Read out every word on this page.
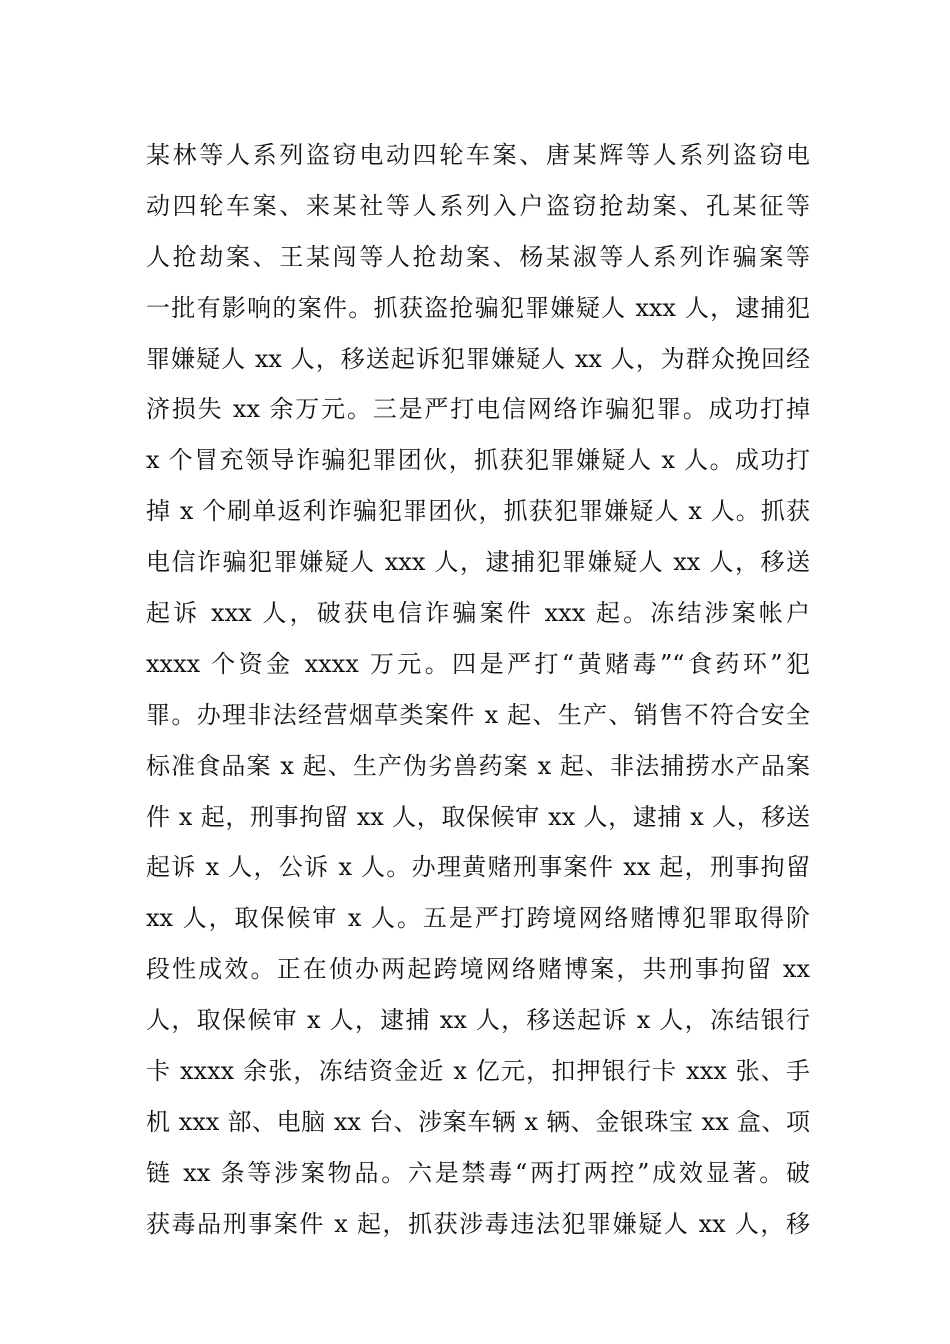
某林等人系列盗窃电动四轮车案、唐某辉等人系列盗窃电
动四轮车案、来某社等人系列入户盗窃抢劫案、孔某征等
人抢劫案、王某闯等人抢劫案、杨某淑等人系列诈骗案等
一批有影响的案件。抓获盗抢骗犯罪嫌疑人 xxx 人，逮捕犯
罪嫌疑人 xx 人，移送起诉犯罪嫌疑人 xx 人，为群众挽回经
济损失 xx 余万元。三是严打电信网络诈骗犯罪。成功打掉
x 个冒充领导诈骗犯罪团伙，抓获犯罪嫌疑人 x 人。成功打
掉 x 个刷单返利诈骗犯罪团伙，抓获犯罪嫌疑人 x 人。抓获
电信诈骗犯罪嫌疑人 xxx 人，逮捕犯罪嫌疑人 xx 人，移送
起诉 xxx 人，破获电信诈骗案件 xxx 起。冻结涉案帐户
xxxx 个资金 xxxx 万元。四是严打“黄赌毒”“食药环”犯
罪。办理非法经营烟草类案件 x 起、生产、销售不符合安全
标准食品案 x 起、生产伪劣兽药案 x 起、非法捕捞水产品案
件 x 起，刑事拘留 xx 人，取保候审 xx 人，逮捕 x 人，移送
起诉 x 人，公诉 x 人。办理黄赌刑事案件 xx 起，刑事拘留
xx 人，取保候审 x 人。五是严打跨境网络赌博犯罪取得阶
段性成效。正在侦办两起跨境网络赌博案，共刑事拘留 xx
人，取保候审 x 人，逮捕 xx 人，移送起诉 x 人，冻结银行
卡 xxxx 余张，冻结资金近 x 亿元，扣押银行卡 xxx 张、手
机 xxx 部、电脑 xx 台、涉案车辆 x 辆、金银珠宝 xx 盒、项
链 xx 条等涉案物品。六是禁毒“两打两控”成效显著。破
获毒品刑事案件 x 起，抓获涉毒违法犯罪嫌疑人 xx 人，移
